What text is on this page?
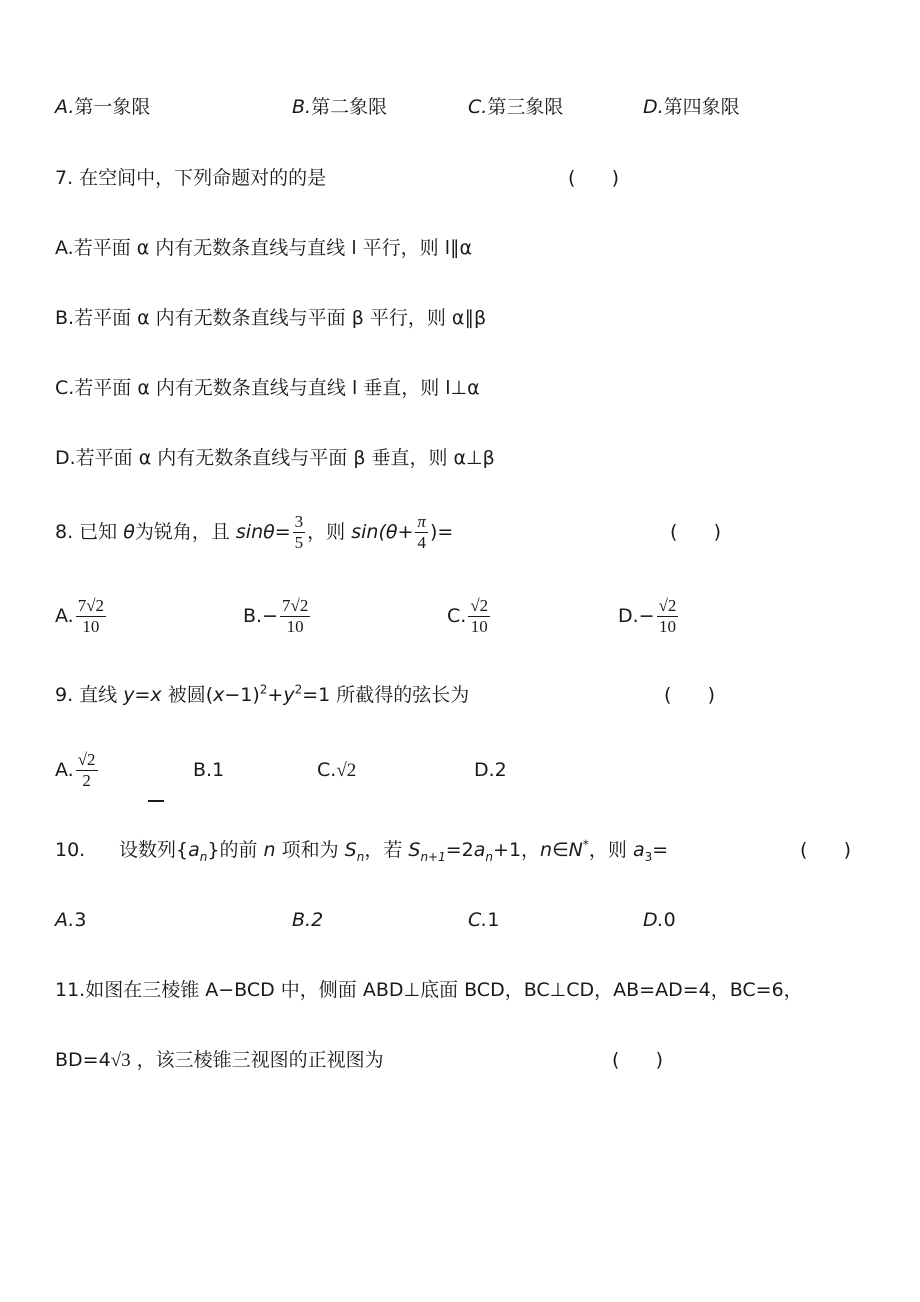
A.第一象限	B.第二象限	C.第三象限	D.第四象限
7. 在空间中，下列命题对的的是	(      )
A.若平面 α 内有无数条直线与直线 l 平行，则 l∥α
B.若平面 α 内有无数条直线与平面 β 平行，则 α∥β
C.若平面 α 内有无数条直线与直线 l 垂直，则 l⊥α
D.若平面 α 内有无数条直线与平面 β 垂直，则 α⊥β
8. 已知 θ为锐角，且 $\sin\theta= \frac{3}{5}$ ，则 $\sin(\theta+ \frac{\pi}{4}$ )=	(      )
A. $\frac{7√2}{10}$	$B.- \frac{7√2}{10}$	C. $\frac{√2}{10}$	$D.- \frac{√2}{10}$
9. 直线 y=x 被圆$(x-1)^2+y^2=1$ 所截得的弦长为	(      )
A. $\frac{√2}{2}$	B.1	C.√2	D.2
10. 设数列$\{a_n\}$的前 n 项和为 $S_n$，若 $S_{n+1}=2a_n+1$，n∈N*，则 $a_3=$	(      )
A.3	B.2	C.1	D.0
11.如图在三棱锥 A−BCD 中，侧面 ABD⊥底面 BCD，BC⊥CD，AB=AD=4，BC=6，
BD=4√3 ，该三棱锥三视图的正视图为	(      )
